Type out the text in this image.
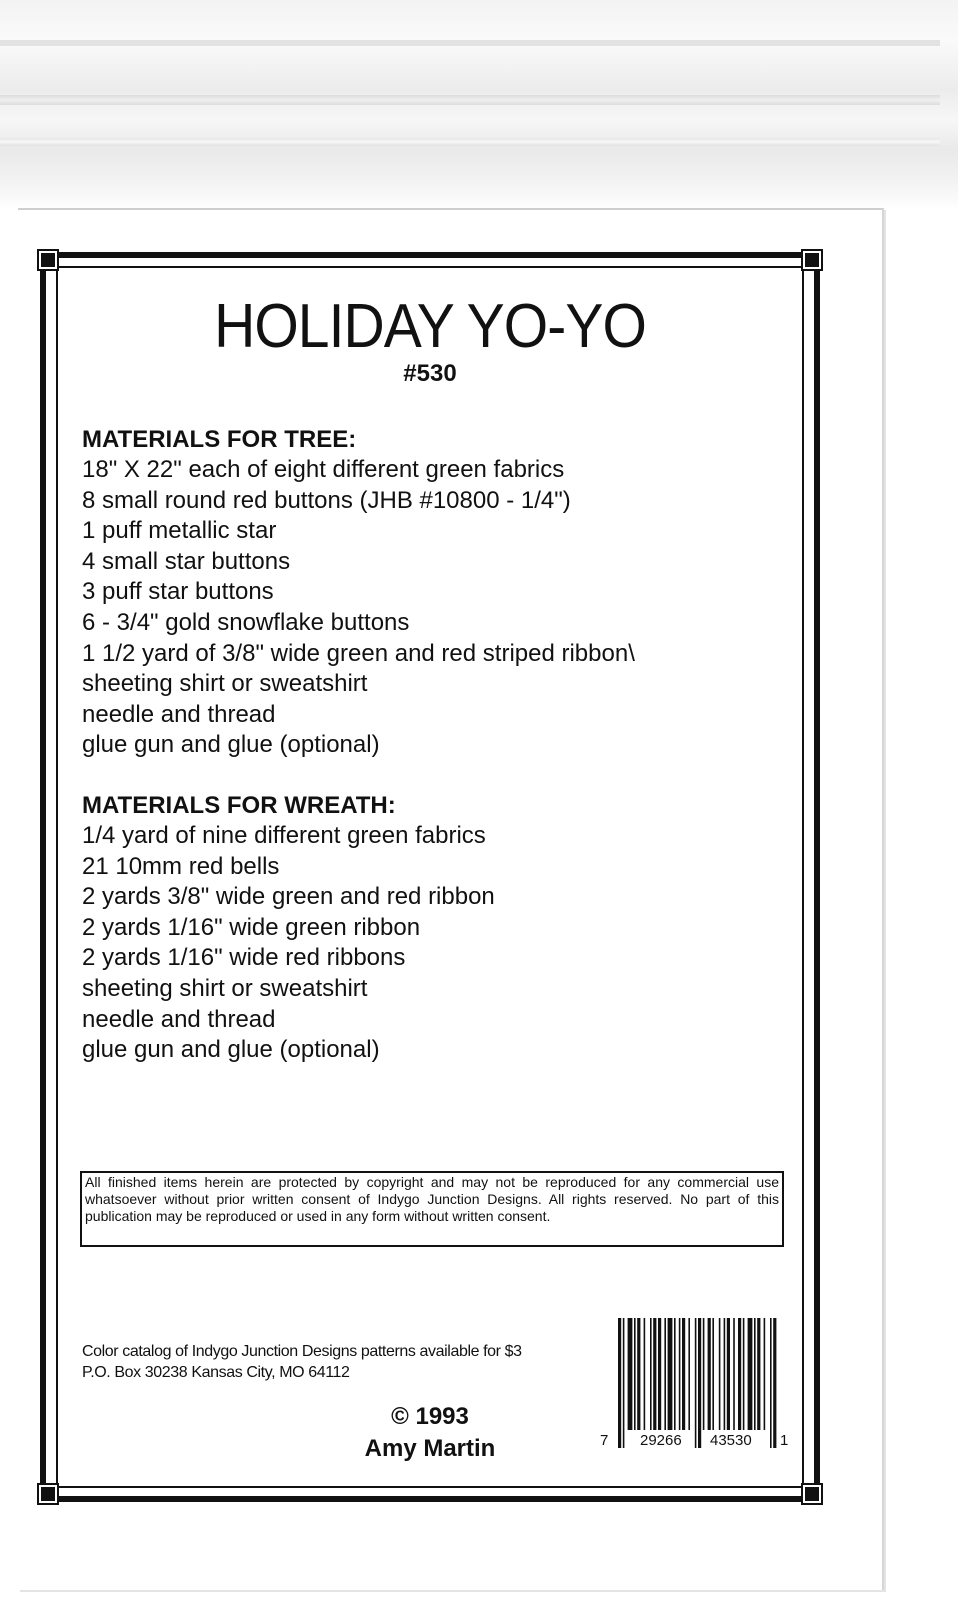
HOLIDAY YO-YO
#530

MATERIALS FOR TREE:

18" X 22" each of eight different green fabrics
8 small round red buttons (JHB #10800 - 1/4")
1 puff metallic star
4 small star buttons
3 puff star buttons
6 - 3/4" gold snowflake buttons
1 1/2 yard of 3/8" wide green and red striped ribbon\
sheeting shirt or sweatshirt
needle and thread
glue gun and glue (optional)

MATERIALS FOR WREATH:

1/4 yard of nine different green fabrics
21 10mm red bells
2 yards 3/8" wide green and red ribbon
2 yards 1/16" wide green ribbon
2 yards 1/16" wide red ribbons
sheeting shirt or sweatshirt
needle and thread
glue gun and glue (optional)
All finished items herein are protected by copyright and may not be reproduced for any commercial use whatsoever without prior written consent of Indygo Junction Designs. All rights reserved. No part of this publication may be reproduced or used in any form without written consent.
Color catalog of Indygo Junction Designs patterns available for $3
P.O. Box 30238 Kansas City, MO 64112
© 1993
Amy Martin	7 29266 43530 1
